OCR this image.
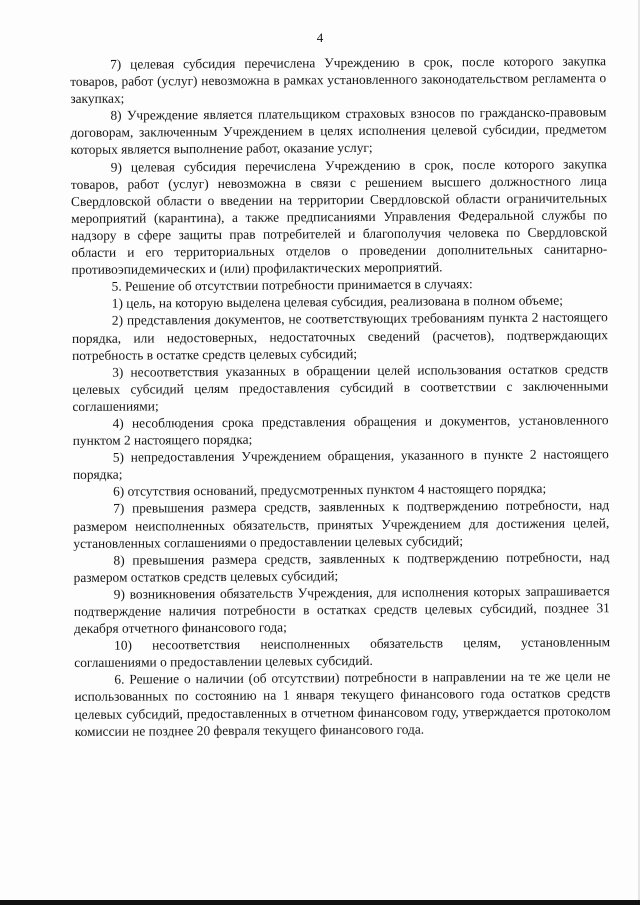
4

7) целевая субсидия перечислена Учреждению в срок, после которого закупка товаров, работ (услуг) невозможна в рамках установленного законодательством регламента о закупках;

8) Учреждение является плательщиком страховых взносов по гражданско-правовым договорам, заключенным Учреждением в целях исполнения целевой субсидии, предметом которых является выполнение работ, оказание услуг;

9) целевая субсидия перечислена Учреждению в срок, после которого закупка товаров, работ (услуг) невозможна в связи с решением высшего должностного лица Свердловской области о введении на территории Свердловской области ограничительных мероприятий (карантина), а также предписаниями Управления Федеральной службы по надзору в сфере защиты прав потребителей и благополучия человека по Свердловской области и его территориальных отделов о проведении дополнительных санитарно-противоэпидемических и (или) профилактических мероприятий.

5. Решение об отсутствии потребности принимается в случаях:

1) цель, на которую выделена целевая субсидия, реализована в полном объеме;

2) представления документов, не соответствующих требованиям пункта 2 настоящего порядка, или недостоверных, недостаточных сведений (расчетов), подтверждающих потребность в остатке средств целевых субсидий;

3) несоответствия указанных в обращении целей использования остатков средств целевых субсидий целям предоставления субсидий в соответствии с заключенными соглашениями;

4) несоблюдения срока представления обращения и документов, установленного пунктом 2 настоящего порядка;

5) непредоставления Учреждением обращения, указанного в пункте 2 настоящего порядка;

6) отсутствия оснований, предусмотренных пунктом 4 настоящего порядка;

7) превышения размера средств, заявленных к подтверждению потребности, над размером неисполненных обязательств, принятых Учреждением для достижения целей, установленных соглашениями о предоставлении целевых субсидий;

8) превышения размера средств, заявленных к подтверждению потребности, над размером остатков средств целевых субсидий;

9) возникновения обязательств Учреждения, для исполнения которых запрашивается подтверждение наличия потребности в остатках средств целевых субсидий, позднее 31 декабря отчетного финансового года;

10) несоответствия неисполненных обязательств целям, установленным соглашениями о предоставлении целевых субсидий.

6. Решение о наличии (об отсутствии) потребности в направлении на те же цели не использованных по состоянию на 1 января текущего финансового года остатков средств целевых субсидий, предоставленных в отчетном финансовом году, утверждается протоколом комиссии не позднее 20 февраля текущего финансового года.
